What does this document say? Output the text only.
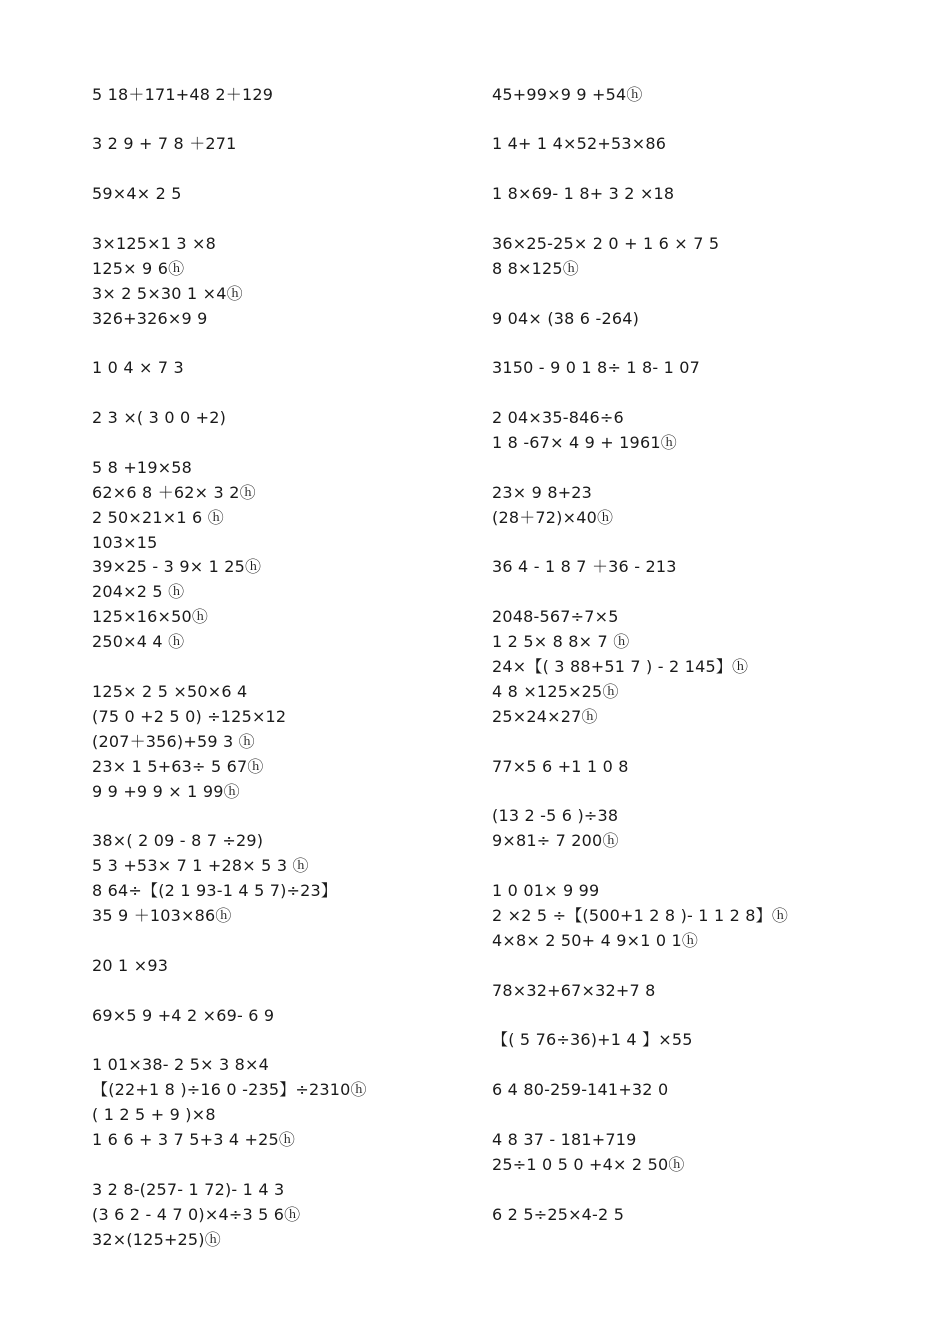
5 18＋171+48 2＋129
3 2 9 + 7 8 ＋271
59×4× 2 5
3×125×1 3 ×8
125× 9 6ⓗ
3× 2 5×30 1 ×4ⓗ
326+326×9 9
1 0 4 × 7 3
2 3 ×( 3 0 0 +2)
5 8 +19×58
62×6 8 ＋62× 3 2ⓗ
2 50×21×1 6 ⓗ
103×15
39×25 - 3 9× 1 25ⓗ
204×2 5 ⓗ
125×16×50ⓗ
250×4 4 ⓗ
125× 2 5 ×50×6 4
(75 0 +2 5 0) ÷125×12
(207＋356)+59 3 ⓗ
23× 1 5+63÷ 5 67ⓗ
9 9 +9 9 × 1 99ⓗ
38×( 2 09 - 8 7 ÷29)
5 3 +53× 7 1 +28× 5 3 ⓗ
8 64÷【(2 1 93-1 4 5 7)÷23】
35 9 ＋103×86ⓗ
20 1 ×93
69×5 9 +4 2 ×69- 6 9
1 01×38- 2 5× 3 8×4
【(22+1 8 )÷16 0 -235】÷2310ⓗ
( 1 2 5 + 9 )×8
1 6 6 + 3 7 5+3 4 +25ⓗ
3 2 8-(257- 1 72)- 1 4 3
(3 6 2 - 4 7 0)×4÷3 5 6ⓗ
32×(125+25)ⓗ
45+99×9 9 +54ⓗ
1 4+ 1 4×52+53×86
1 8×69- 1 8+ 3 2 ×18
36×25-25× 2 0 + 1 6 × 7 5
8 8×125ⓗ
9 04× (38 6 -264)
3150 - 9 0 1 8÷ 1 8- 1 07
2 04×35-846÷6
1 8 -67× 4 9 + 1961ⓗ
23× 9 8+23
(28＋72)×40ⓗ
36 4 - 1 8 7 ＋36 - 213
2048-567÷7×5
1 2 5× 8 8× 7 ⓗ
24×【( 3 88+51 7 ) - 2 145】ⓗ
4 8 ×125×25ⓗ
25×24×27ⓗ
77×5 6 +1 1 0 8
(13 2 -5 6 )÷38
9×81÷ 7 200ⓗ
1 0 01× 9 99
2 ×2 5 ÷【(500+1 2 8 )- 1 1 2 8】ⓗ
4×8× 2 50+ 4 9×1 0 1ⓗ
78×32+67×32+7 8
【( 5 76÷36)+1 4 】×55
6 4 80-259-141+32 0
4 8 37 - 181+719
25÷1 0 5 0 +4× 2 50ⓗ
6 2 5÷25×4-2 5
